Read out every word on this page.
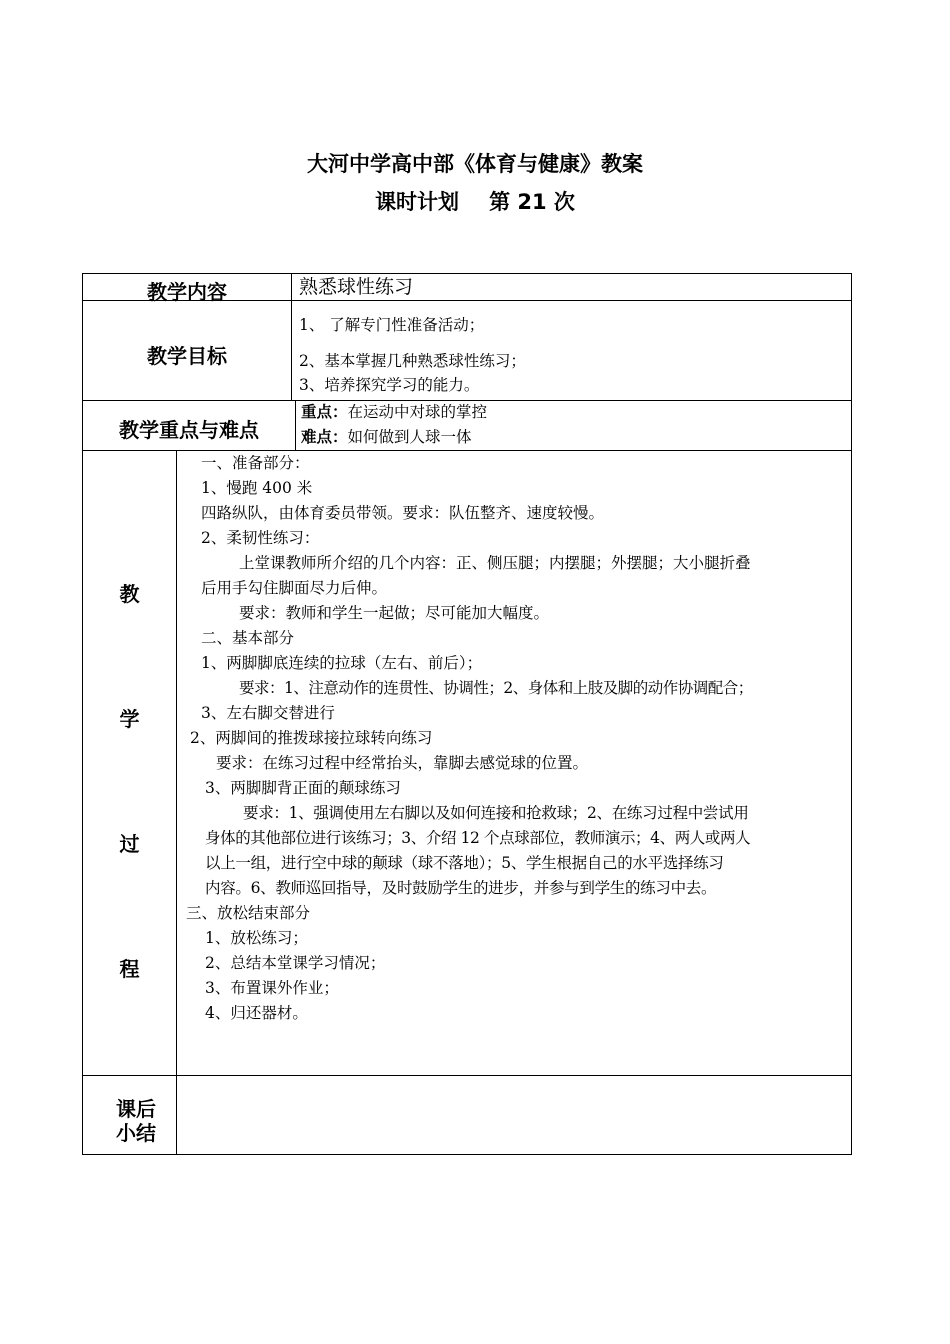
大河中学高中部《体育与健康》教案
课时计划 第 21 次
教学内容	熟悉球性练习
教学目标
1、 了解专门性准备活动；
2、基本掌握几种熟悉球性练习；
3、培养探究学习的能力。
教学重点与难点
重点：在运动中对球的掌控
难点：如何做到人球一体
教
学
过
程
一、准备部分：
1、慢跑 400 米
四路纵队，由体育委员带领。要求：队伍整齐、速度较慢。
2、柔韧性练习：
上堂课教师所介绍的几个内容：正、侧压腿；内摆腿；外摆腿；大小腿折叠
后用手勾住脚面尽力后伸。
要求：教师和学生一起做；尽可能加大幅度。
二、基本部分
1、两脚脚底连续的拉球（左右、前后）；
要求：1、注意动作的连贯性、协调性；2、身体和上肢及脚的动作协调配合；
3、左右脚交替进行
2、两脚间的推拨球接拉球转向练习
要求：在练习过程中经常抬头，靠脚去感觉球的位置。
3、两脚脚背正面的颠球练习
要求：1、强调使用左右脚以及如何连接和抢救球；2、在练习过程中尝试用
身体的其他部位进行该练习；3、介绍 12 个点球部位，教师演示；4、两人或两人
以上一组，进行空中球的颠球（球不落地）；5、学生根据自己的水平选择练习
内容。6、教师巡回指导，及时鼓励学生的进步，并参与到学生的练习中去。
三、放松结束部分
1、放松练习；
2、总结本堂课学习情况；
3、布置课外作业；
4、归还器材。
课后
小结
